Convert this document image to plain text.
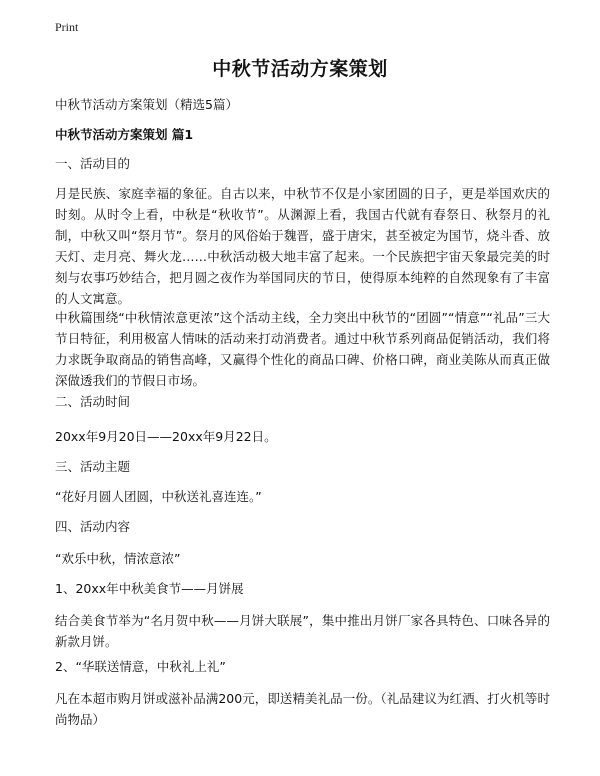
Print
中秋节活动方案策划
中秋节活动方案策划（精选5篇）
中秋节活动方案策划 篇1
一、活动目的
月是民族、家庭幸福的象征。自古以来，中秋节不仅是小家团圆的日子，更是举国欢庆的时刻。从时令上看，中秋是“秋收节”。从渊源上看，我国古代就有春祭日、秋祭月的礼制，中秋又叫“祭月节”。祭月的风俗始于魏晋，盛于唐宋，甚至被定为国节，烧斗香、放天灯、走月亮、舞火龙……中秋活动极大地丰富了起来。一个民族把宇宙天象最完美的时刻与农事巧妙结合，把月圆之夜作为举国同庆的节日，使得原本纯粹的自然现象有了丰富的人文寓意。
中秋篇围绕“中秋情浓意更浓”这个活动主线，全力突出中秋节的“团圆”“情意”“礼品”三大节日特征，利用极富人情味的活动来打动消费者。通过中秋节系列商品促销活动，我们将力求既争取商品的销售高峰，又赢得个性化的商品口碑、价格口碑，商业美陈从而真正做深做透我们的节假日市场。
二、活动时间
20xx年9月20日——20xx年9月22日。
三、活动主题
“花好月圆人团圆，中秋送礼喜连连。”
四、活动内容
“欢乐中秋，情浓意浓”
1、20xx年中秋美食节——月饼展
结合美食节举为“名月贺中秋——月饼大联展”，集中推出月饼厂家各具特色、口味各异的新款月饼。
2、“华联送情意，中秋礼上礼”
凡在本超市购月饼或滋补品满200元，即送精美礼品一份。（礼品建议为红酒、打火机等时尚物品）
